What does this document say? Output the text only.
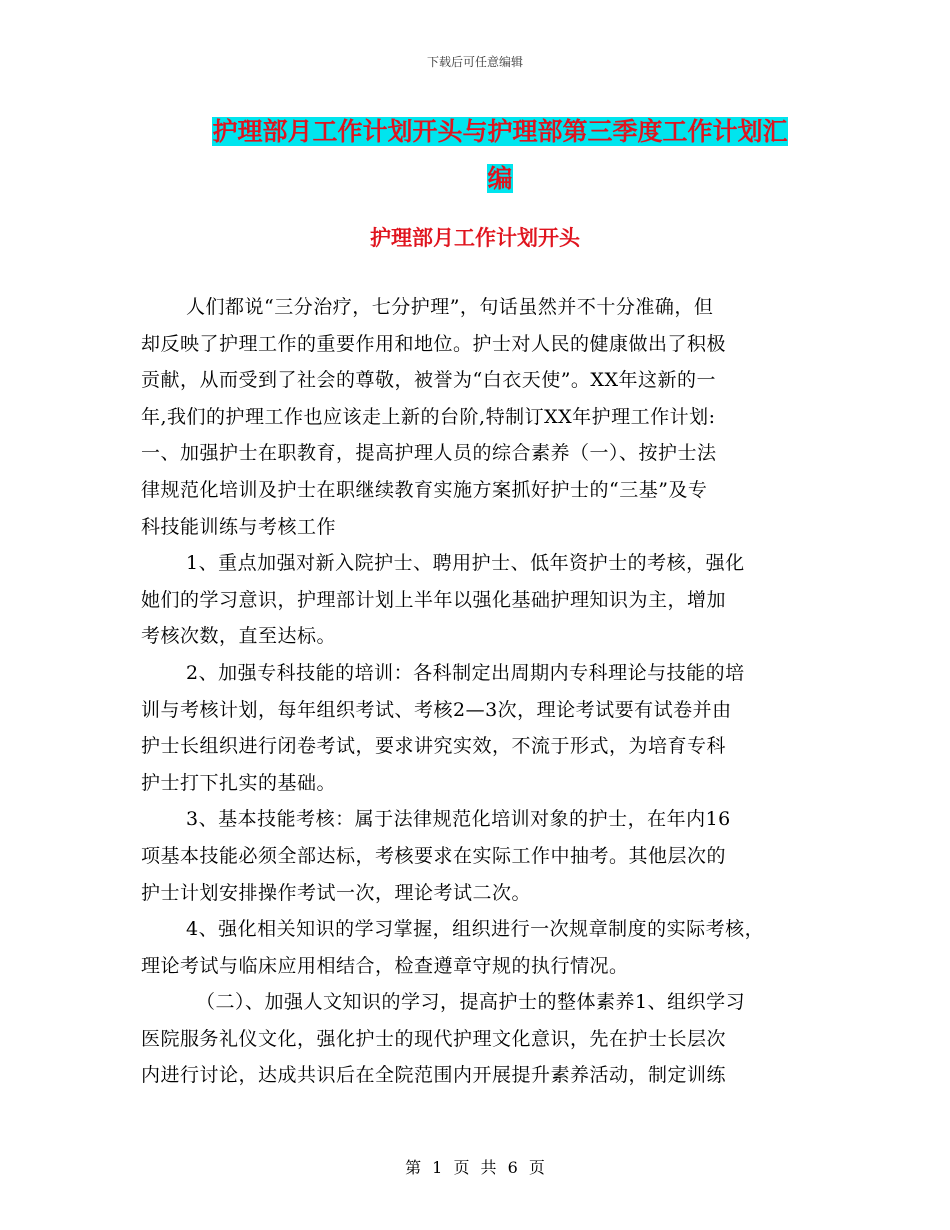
下载后可任意编辑
护理部月工作计划开头与护理部第三季度工作计划汇
编
护理部月工作计划开头
人们都说“三分治疗，七分护理”，句话虽然并不十分准确，但
却反映了护理工作的重要作用和地位。护士对人民的健康做出了积极
贡献，从而受到了社会的尊敬，被誉为“白衣天使”。XX年这新的一
年,我们的护理工作也应该走上新的台阶,特制订XX年护理工作计划:
一、加强护士在职教育，提高护理人员的综合素养（一）、按护士法
律规范化培训及护士在职继续教育实施方案抓好护士的“三基”及专
科技能训练与考核工作
1、重点加强对新入院护士、聘用护士、低年资护士的考核，强化
她们的学习意识，护理部计划上半年以强化基础护理知识为主，增加
考核次数，直至达标。
2、加强专科技能的培训：各科制定出周期内专科理论与技能的培
训与考核计划，每年组织考试、考核2—3次，理论考试要有试卷并由
护士长组织进行闭卷考试，要求讲究实效，不流于形式，为培育专科
护士打下扎实的基础。
3、基本技能考核：属于法律规范化培训对象的护士，在年内16
项基本技能必须全部达标，考核要求在实际工作中抽考。其他层次的
护士计划安排操作考试一次，理论考试二次。
4、强化相关知识的学习掌握，组织进行一次规章制度的实际考核，
理论考试与临床应用相结合，检查遵章守规的执行情况。
（二）、加强人文知识的学习，提高护士的整体素养1、组织学习
医院服务礼仪文化，强化护士的现代护理文化意识，先在护士长层次
内进行讨论，达成共识后在全院范围内开展提升素养活动，制定训练
第 1 页 共 6 页
